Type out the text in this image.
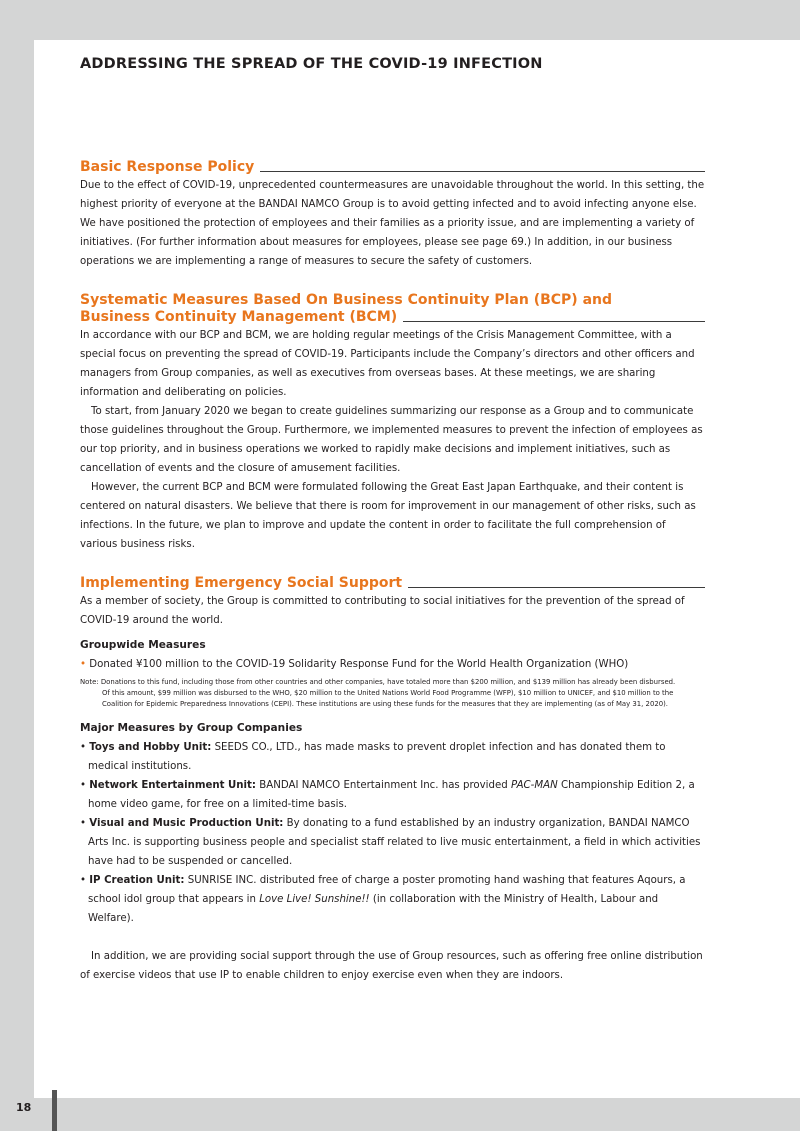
ADDRESSING THE SPREAD OF THE COVID-19 INFECTION
Basic Response Policy

Due to the effect of COVID-19, unprecedented countermeasures are unavoidable throughout the world. In this setting, the highest priority of everyone at the BANDAI NAMCO Group is to avoid getting infected and to avoid infecting anyone else. We have positioned the protection of employees and their families as a priority issue, and are implementing a variety of initiatives. (For further information about measures for employees, please see page 69.) In addition, in our business operations we are implementing a range of measures to secure the safety of customers.

Systematic Measures Based On Business Continuity Plan (BCP) and
Business Continuity Management (BCM)

In accordance with our BCP and BCM, we are holding regular meetings of the Crisis Management Committee, with a special focus on preventing the spread of COVID-19. Participants include the Company’s directors and other officers and managers from Group companies, as well as executives from overseas bases. At these meetings, we are sharing information and deliberating on policies.

To start, from January 2020 we began to create guidelines summarizing our response as a Group and to communicate those guidelines throughout the Group. Furthermore, we implemented measures to prevent the infection of employees as our top priority, and in business operations we worked to rapidly make decisions and implement initiatives, such as cancellation of events and the closure of amusement facilities.

However, the current BCP and BCM were formulated following the Great East Japan Earthquake, and their content is centered on natural disasters. We believe that there is room for improvement in our management of other risks, such as infections. In the future, we plan to improve and update the content in order to facilitate the full comprehension of various business risks.

Implementing Emergency Social Support

As a member of society, the Group is committed to contributing to social initiatives for the prevention of the spread of COVID-19 around the world.

Groupwide Measures

• Donated ¥100 million to the COVID-19 Solidarity Response Fund for the World Health Organization (WHO)

Note: Donations to this fund, including those from other countries and other companies, have totaled more than $200 million, and $139 million has already been disbursed.
Of this amount, $99 million was disbursed to the WHO, $20 million to the United Nations World Food Programme (WFP), $10 million to UNICEF, and $10 million to the Coalition for Epidemic Preparedness Innovations (CEPI). These institutions are using these funds for the measures that they are implementing (as of May 31, 2020).

Major Measures by Group Companies
• Toys and Hobby Unit: SEEDS CO., LTD., has made masks to prevent droplet infection and has donated them to medical institutions.
• Network Entertainment Unit: BANDAI NAMCO Entertainment Inc. has provided PAC-MAN Championship Edition 2, a home video game, for free on a limited-time basis.
• Visual and Music Production Unit: By donating to a fund established by an industry organization, BANDAI NAMCO Arts Inc. is supporting business people and specialist staff related to live music entertainment, a field in which activities have had to be suspended or cancelled.
• IP Creation Unit: SUNRISE INC. distributed free of charge a poster promoting hand washing that features Aqours, a school idol group that appears in Love Live! Sunshine!! (in collaboration with the Ministry of Health, Labour and Welfare).

In addition, we are providing social support through the use of Group resources, such as offering free online distribution of exercise videos that use IP to enable children to enjoy exercise even when they are indoors.

18
